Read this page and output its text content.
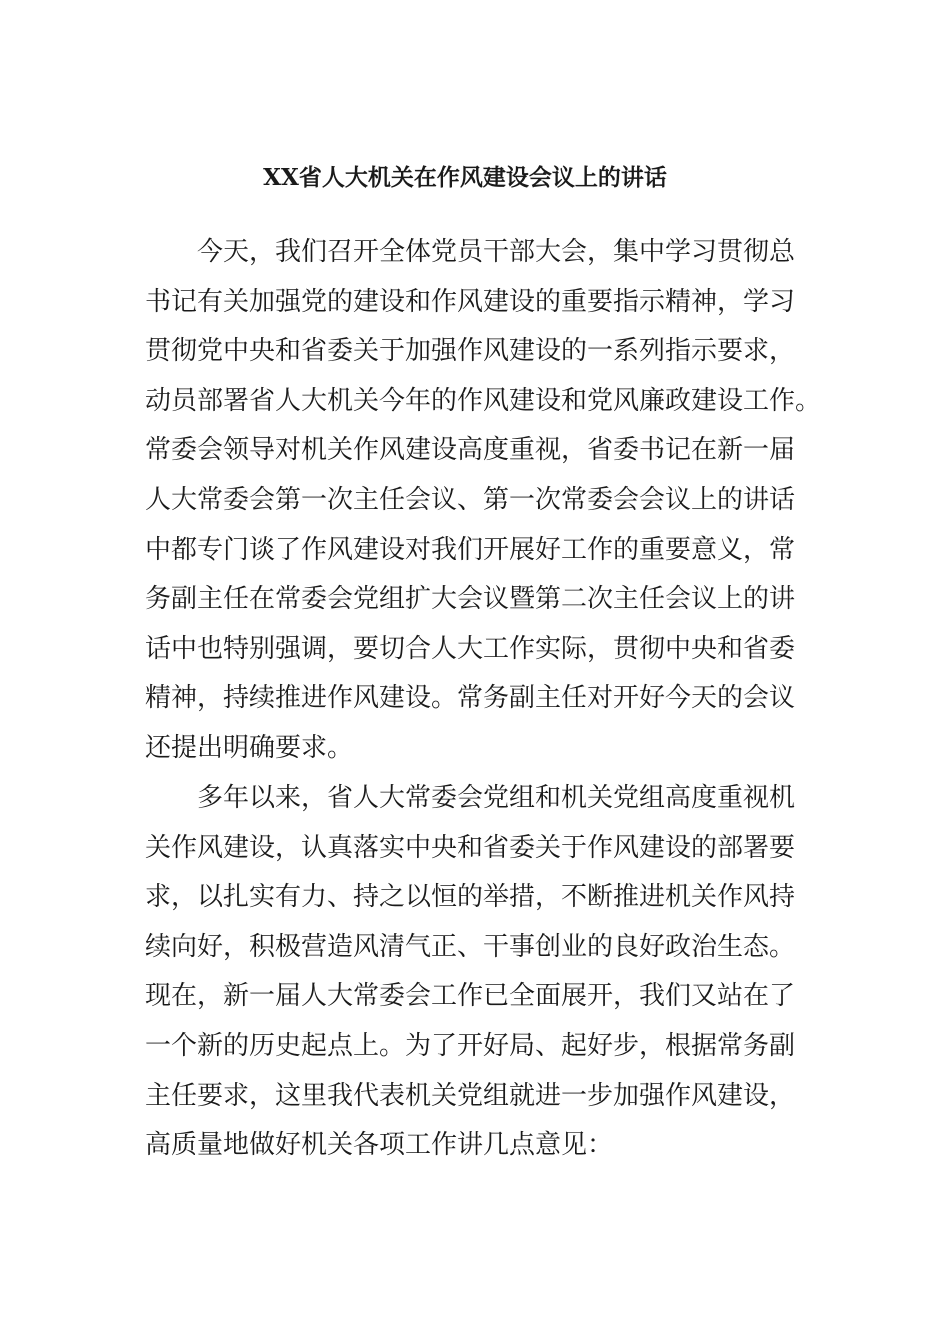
XX省人大机关在作风建设会议上的讲话
今天，我们召开全体党员干部大会，集中学习贯彻总
书记有关加强党的建设和作风建设的重要指示精神，学习
贯彻党中央和省委关于加强作风建设的一系列指示要求，
动员部署省人大机关今年的作风建设和党风廉政建设工作。
常委会领导对机关作风建设高度重视，省委书记在新一届
人大常委会第一次主任会议、第一次常委会会议上的讲话
中都专门谈了作风建设对我们开展好工作的重要意义，常
务副主任在常委会党组扩大会议暨第二次主任会议上的讲
话中也特别强调，要切合人大工作实际，贯彻中央和省委
精神，持续推进作风建设。常务副主任对开好今天的会议
还提出明确要求。
多年以来，省人大常委会党组和机关党组高度重视机
关作风建设，认真落实中央和省委关于作风建设的部署要
求，以扎实有力、持之以恒的举措，不断推进机关作风持
续向好，积极营造风清气正、干事创业的良好政治生态。
现在，新一届人大常委会工作已全面展开，我们又站在了
一个新的历史起点上。为了开好局、起好步，根据常务副
主任要求，这里我代表机关党组就进一步加强作风建设，
高质量地做好机关各项工作讲几点意见：
